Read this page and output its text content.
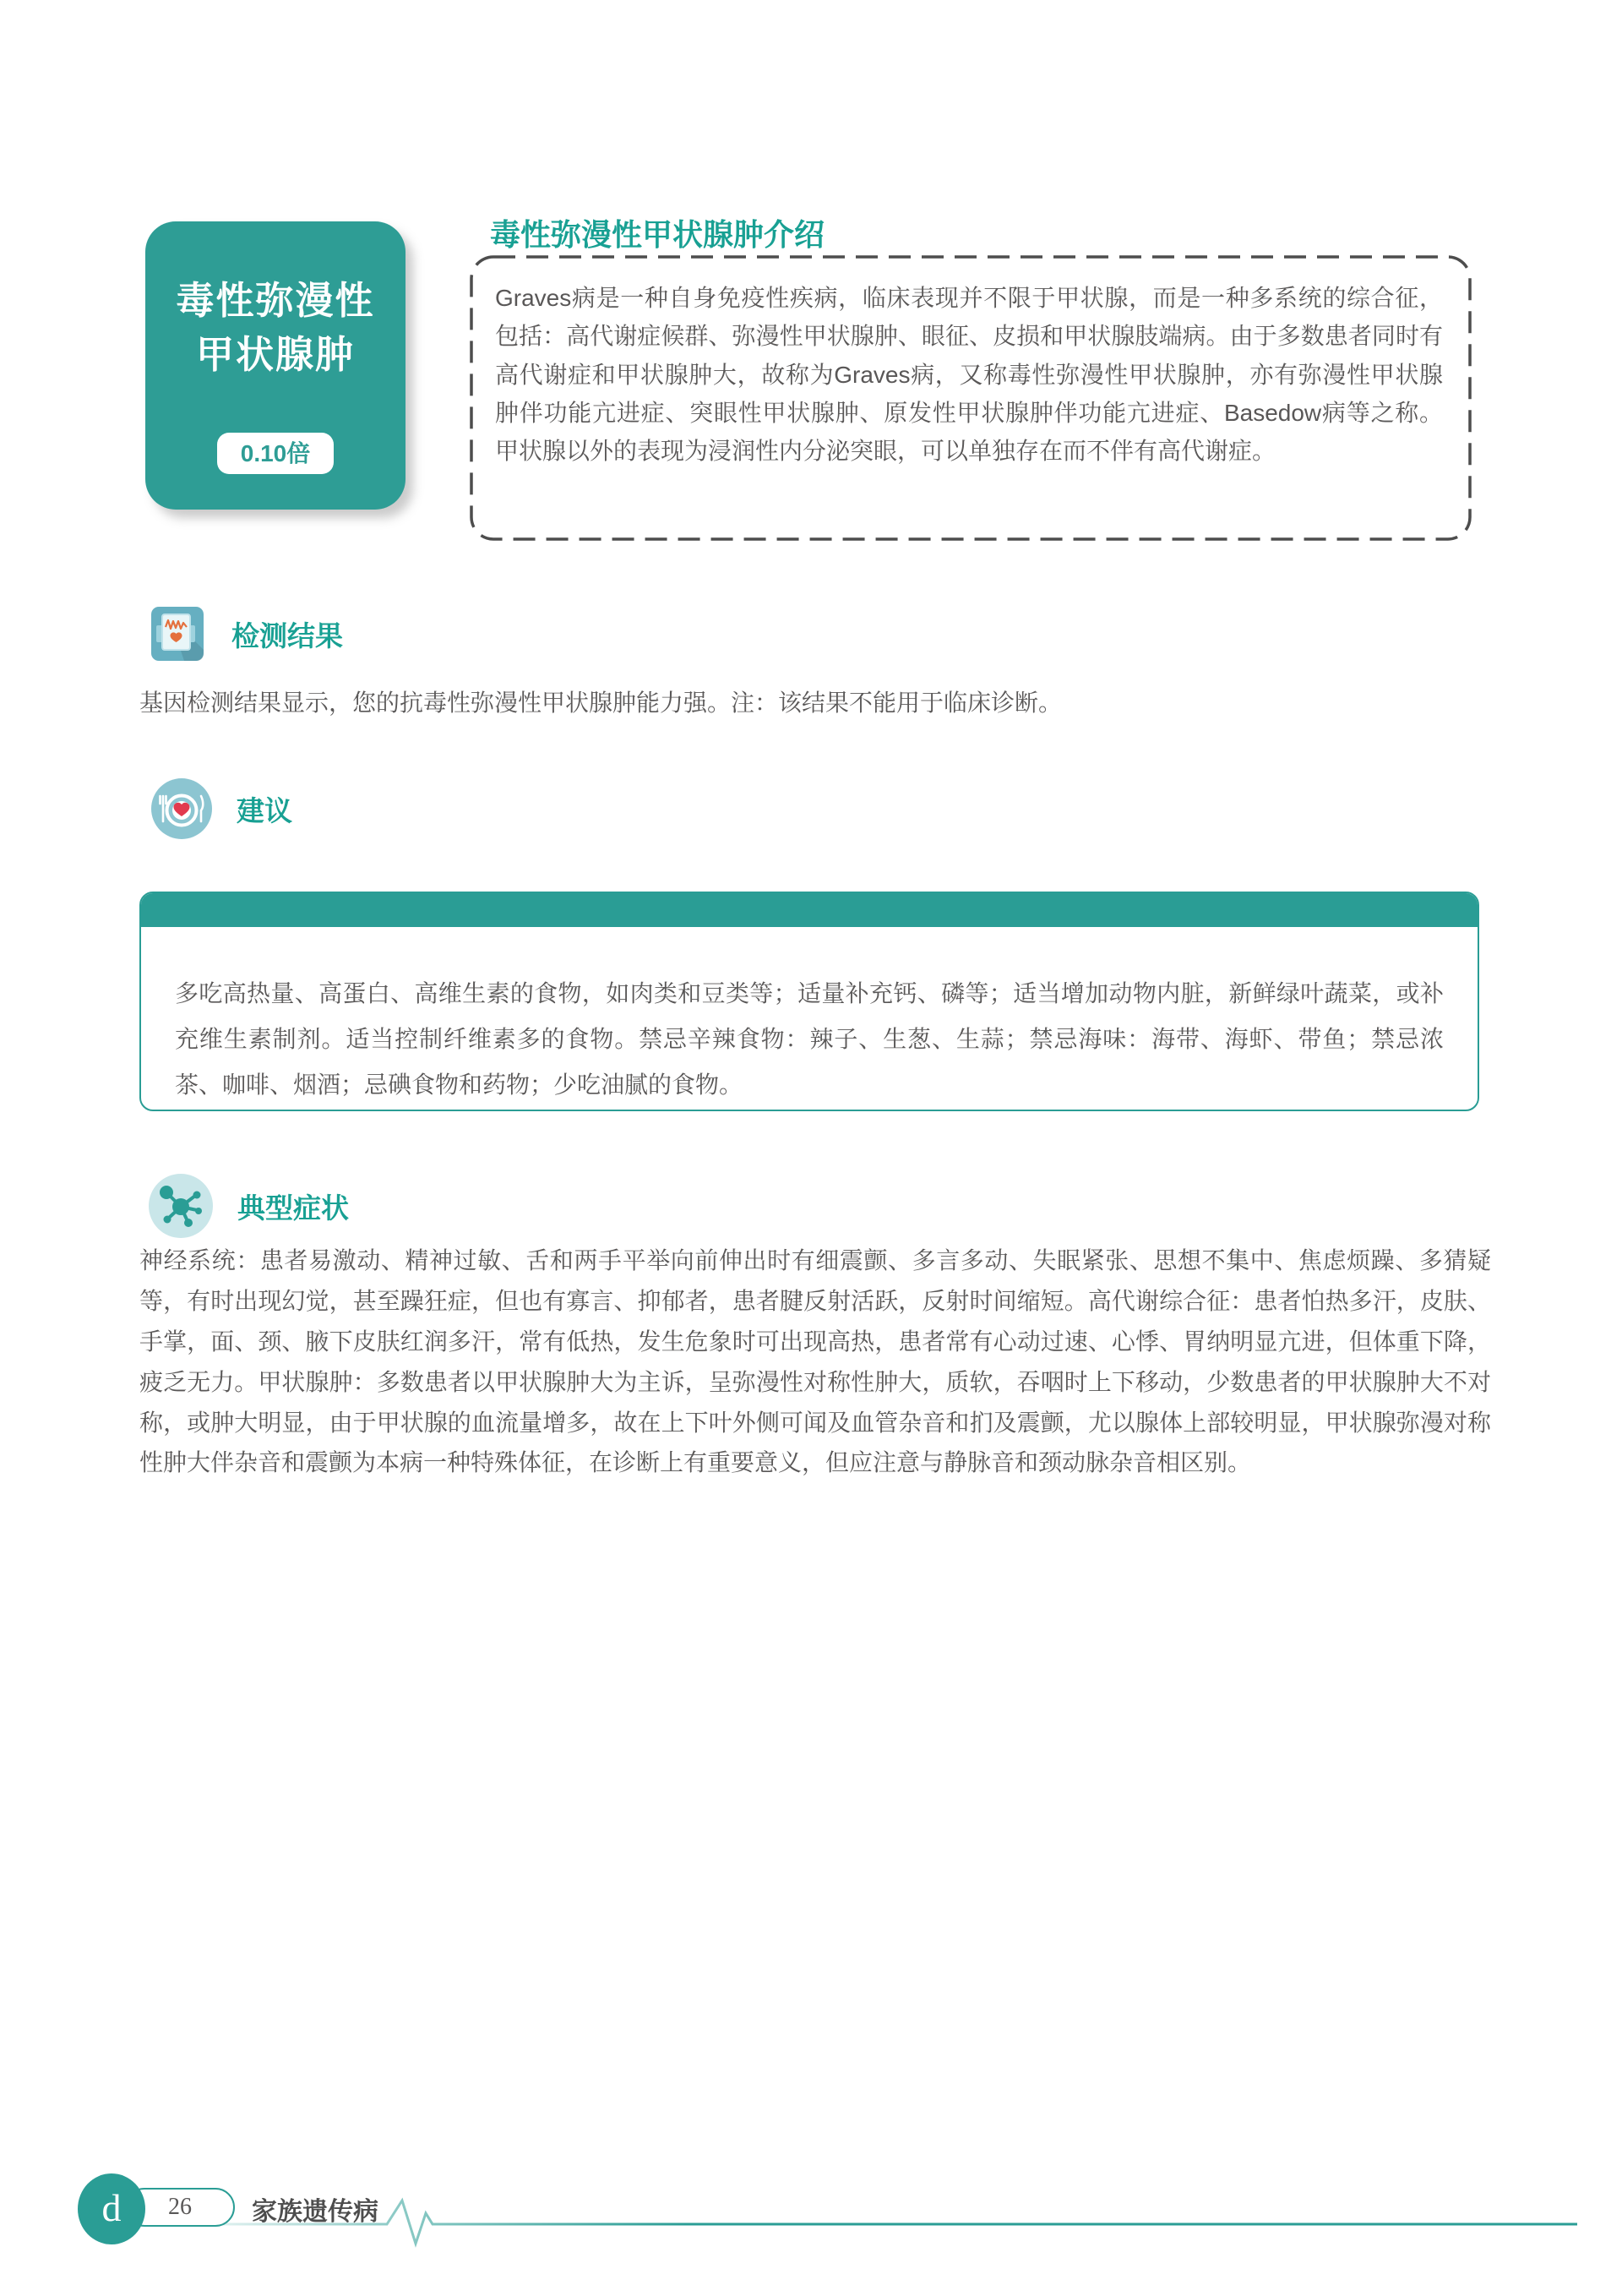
毒性弥漫性
甲状腺肿
0.10倍
毒性弥漫性甲状腺肿介绍

Graves病是一种自身免疫性疾病，临床表现并不限于甲状腺，而是一种多系统的综合征，包括：高代谢症候群、弥漫性甲状腺肿、眼征、皮损和甲状腺肢端病。由于多数患者同时有高代谢症和甲状腺肿大，故称为Graves病，又称毒性弥漫性甲状腺肿，亦有弥漫性甲状腺肿伴功能亢进症、突眼性甲状腺肿、原发性甲状腺肿伴功能亢进症、Basedow病等之称。甲状腺以外的表现为浸润性内分泌突眼，可以单独存在而不伴有高代谢症。

检测结果

基因检测结果显示，您的抗毒性弥漫性甲状腺肿能力强。注：该结果不能用于临床诊断。

建议

多吃高热量、高蛋白、高维生素的食物，如肉类和豆类等；适量补充钙、磷等；适当增加动物内脏，新鲜绿叶蔬菜，或补充维生素制剂。适当控制纤维素多的食物。禁忌辛辣食物：辣子、生葱、生蒜；禁忌海味：海带、海虾、带鱼；禁忌浓茶、咖啡、烟酒；忌碘食物和药物；少吃油腻的食物。

典型症状

神经系统：患者易激动、精神过敏、舌和两手平举向前伸出时有细震颤、多言多动、失眠紧张、思想不集中、焦虑烦躁、多猜疑等，有时出现幻觉，甚至躁狂症，但也有寡言、抑郁者，患者腱反射活跃，反射时间缩短。高代谢综合征：患者怕热多汗，皮肤、手掌，面、颈、腋下皮肤红润多汗，常有低热，发生危象时可出现高热，患者常有心动过速、心悸、胃纳明显亢进，但体重下降，疲乏无力。甲状腺肿：多数患者以甲状腺肿大为主诉，呈弥漫性对称性肿大，质软，吞咽时上下移动，少数患者的甲状腺肿大不对称，或肿大明显，由于甲状腺的血流量增多，故在上下叶外侧可闻及血管杂音和扪及震颤，尤以腺体上部较明显，甲状腺弥漫对称性肿大伴杂音和震颤为本病一种特殊体征，在诊断上有重要意义，但应注意与静脉音和颈动脉杂音相区别。

26
d	家族遗传病
